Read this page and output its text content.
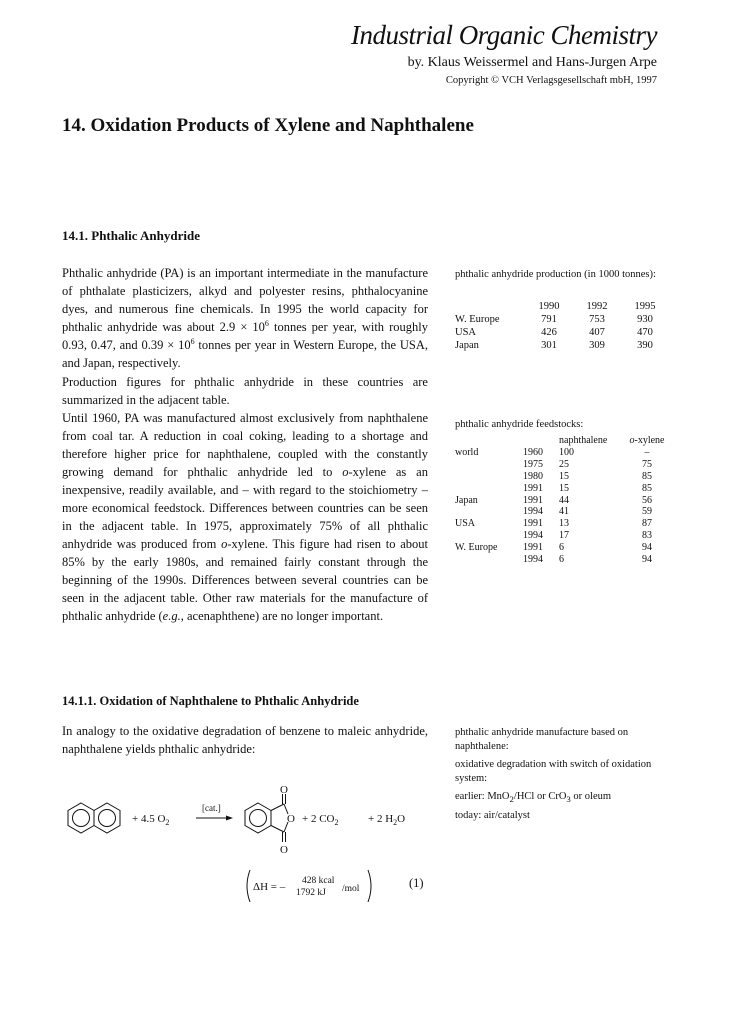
Industrial Organic Chemistry
by. Klaus Weissermel and Hans-Jurgen Arpe
Copyright © VCH Verlagsgesellschaft mbH, 1997
14. Oxidation Products of Xylene and Naphthalene
14.1. Phthalic Anhydride

Phthalic anhydride (PA) is an important intermediate in the manufacture of phthalate plasticizers, alkyd and polyester resins, phthalocyanine dyes, and numerous fine chemicals. In 1995 the world capacity for phthalic anhydride was about $2.9 \times 10^6$ tonnes per year, with roughly 0.93, 0.47, and $0.39 \times 10^6$ tonnes per year in Western Europe, the USA, and Japan, respectively.

Production figures for phthalic anhydride in these countries are summarized in the adjacent table.

Until 1960, PA was manufactured almost exclusively from naphthalene from coal tar. A reduction in coal coking, leading to a shortage and therefore higher price for naphthalene, coupled with the constantly growing demand for phthalic anhydride led to o-xylene as an inexpensive, readily available, and – with regard to the stoichiometry – more economical feedstock. Differences between countries can be seen in the adjacent table. In 1975, approximately 75% of all phthalic anhydride was produced from o-xylene. This figure had risen to about 85% by the early 1980s, and remained fairly constant through the beginning of the 1990s. Differences between several countries can be seen in the adjacent table. Other raw materials for the manufacture of phthalic anhydride (e.g., acenaphthene) are no longer important.

14.1.1. Oxidation of Naphthalene to Phthalic Anhydride

In analogy to the oxidative degradation of benzene to maleic anhydride, naphthalene yields phthalic anhydride:

phthalic anhydride production (in 1000 tonnes):
	1990	1992	1995
W. Europe	791	753	930
USA	426	407	470
Japan	301	309	390
phthalic anhydride feedstocks:
		naphthalene	o-xylene
world	1960	100	–
	1975	25	75
	1980	15	85
	1991	15	85
Japan	1991	44	56
	1994	41	59
USA	1991	13	87
	1994	17	83
W. Europe	1991	6	94
	1994	6	94
phthalic anhydride manufacture based on naphthalene:
oxidative degradation with switch of oxidation system:
earlier: MnO$_2$/HCl or CrO$_3$ or oleum
today: air/catalyst
+ 4.5 $O_2$
[cat.]
O
O
O
+ 2 $CO_2$	+ 2 $H_2O$
ΔH = – 428 kcal
1792 kJ /mol	(1)
